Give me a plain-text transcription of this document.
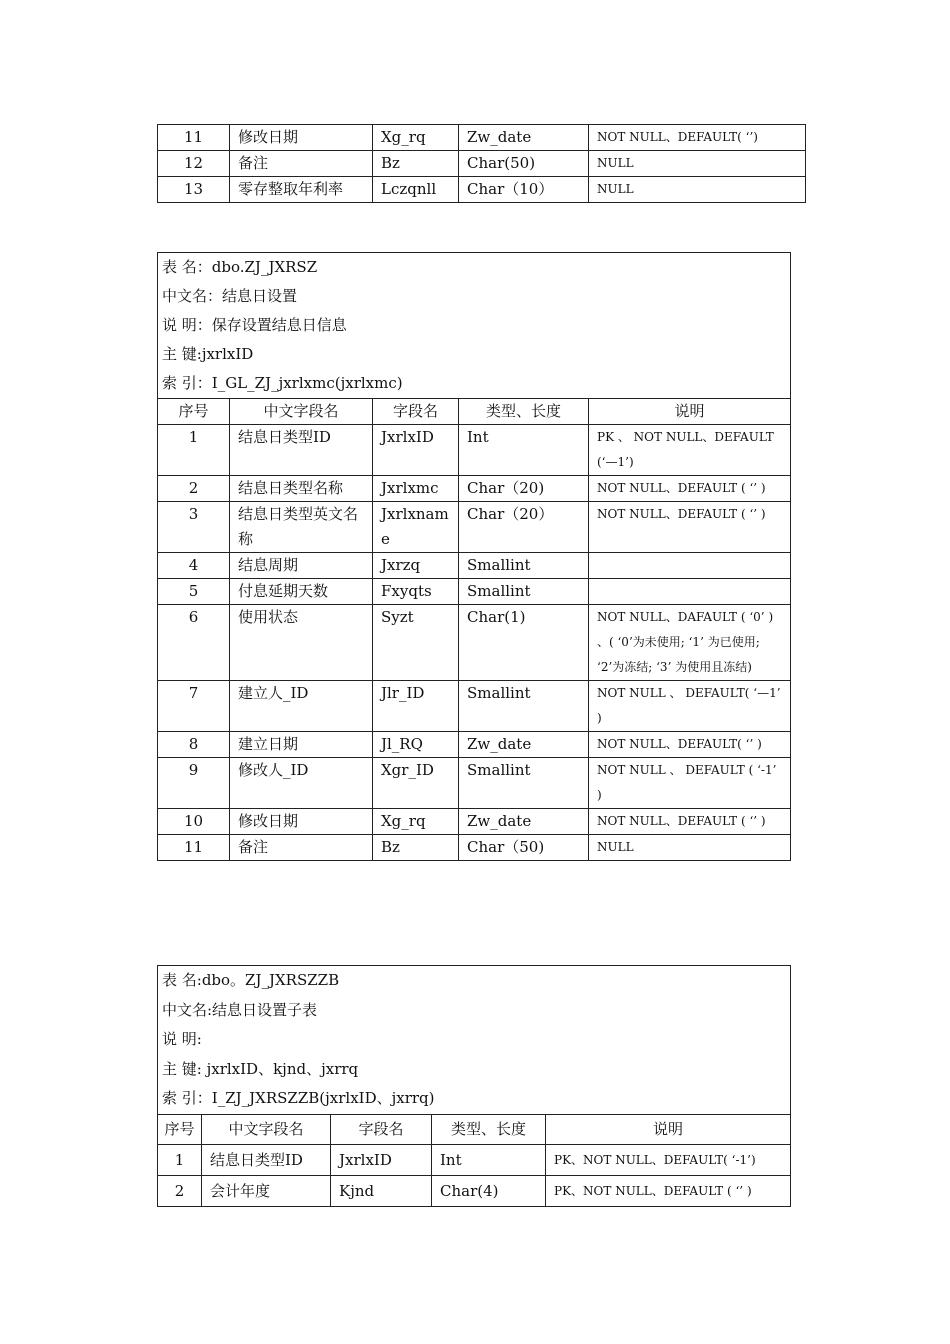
11	修改日期	Xg_rq	Zw_date	NOT NULL、DEFAULT( ‘’)
12	备注	Bz	Char(50)	NULL
13	零存整取年利率	Lczqnll	Char（10）	NULL
表 名：dbo.ZJ_JXRSZ				
中文名：结息日设置				
说 明：保存设置结息日信息				
主 键:jxrlxID				
索 引：I_GL_ZJ_jxrlxmc(jxrlxmc)				
序号	中文字段名	字段名	类型、长度	说明
1	结息日类型ID	JxrlxID	Int	PK 、 NOT NULL、DEFAULT (‘—1’)
2	结息日类型名称	Jxrlxmc	Char（20)	NOT NULL、DEFAULT ( ‘’ )
3	结息日类型英文名称	Jxrlxname	Char（20）	NOT NULL、DEFAULT ( ‘’ )
4	结息周期	Jxrzq	Smallint	
5	付息延期天数	Fxyqts	Smallint	
6	使用状态	Syzt	Char(1)	NOT NULL、DAFAULT ( ‘0’ ) 、( ‘0’为未使用; ‘1’ 为已使用; ‘2’为冻结; ‘3’ 为使用且冻结)
7	建立人_ID	Jlr_ID	Smallint	NOT NULL 、 DEFAULT( ‘—1’ )
8	建立日期	Jl_RQ	Zw_date	NOT NULL、DEFAULT( ‘’ )
9	修改人_ID	Xgr_ID	Smallint	NOT NULL 、 DEFAULT ( ‘-1’ )
10	修改日期	Xg_rq	Zw_date	NOT NULL、DEFAULT ( ‘’ )
11	备注	Bz	Char（50)	NULL
表 名:dbo。ZJ_JXRSZZB				
中文名:结息日设置子表				
说 明:				
主 键: jxrlxID、kjnd、jxrrq				
索 引：I_ZJ_JXRSZZB(jxrlxID、jxrrq)				
序号	中文字段名	字段名	类型、长度	说明
1	结息日类型ID	JxrlxID	Int	PK、NOT NULL、DEFAULT( ‘-1’)
2	会计年度	Kjnd	Char(4)	PK、NOT NULL、DEFAULT ( ‘’ )
